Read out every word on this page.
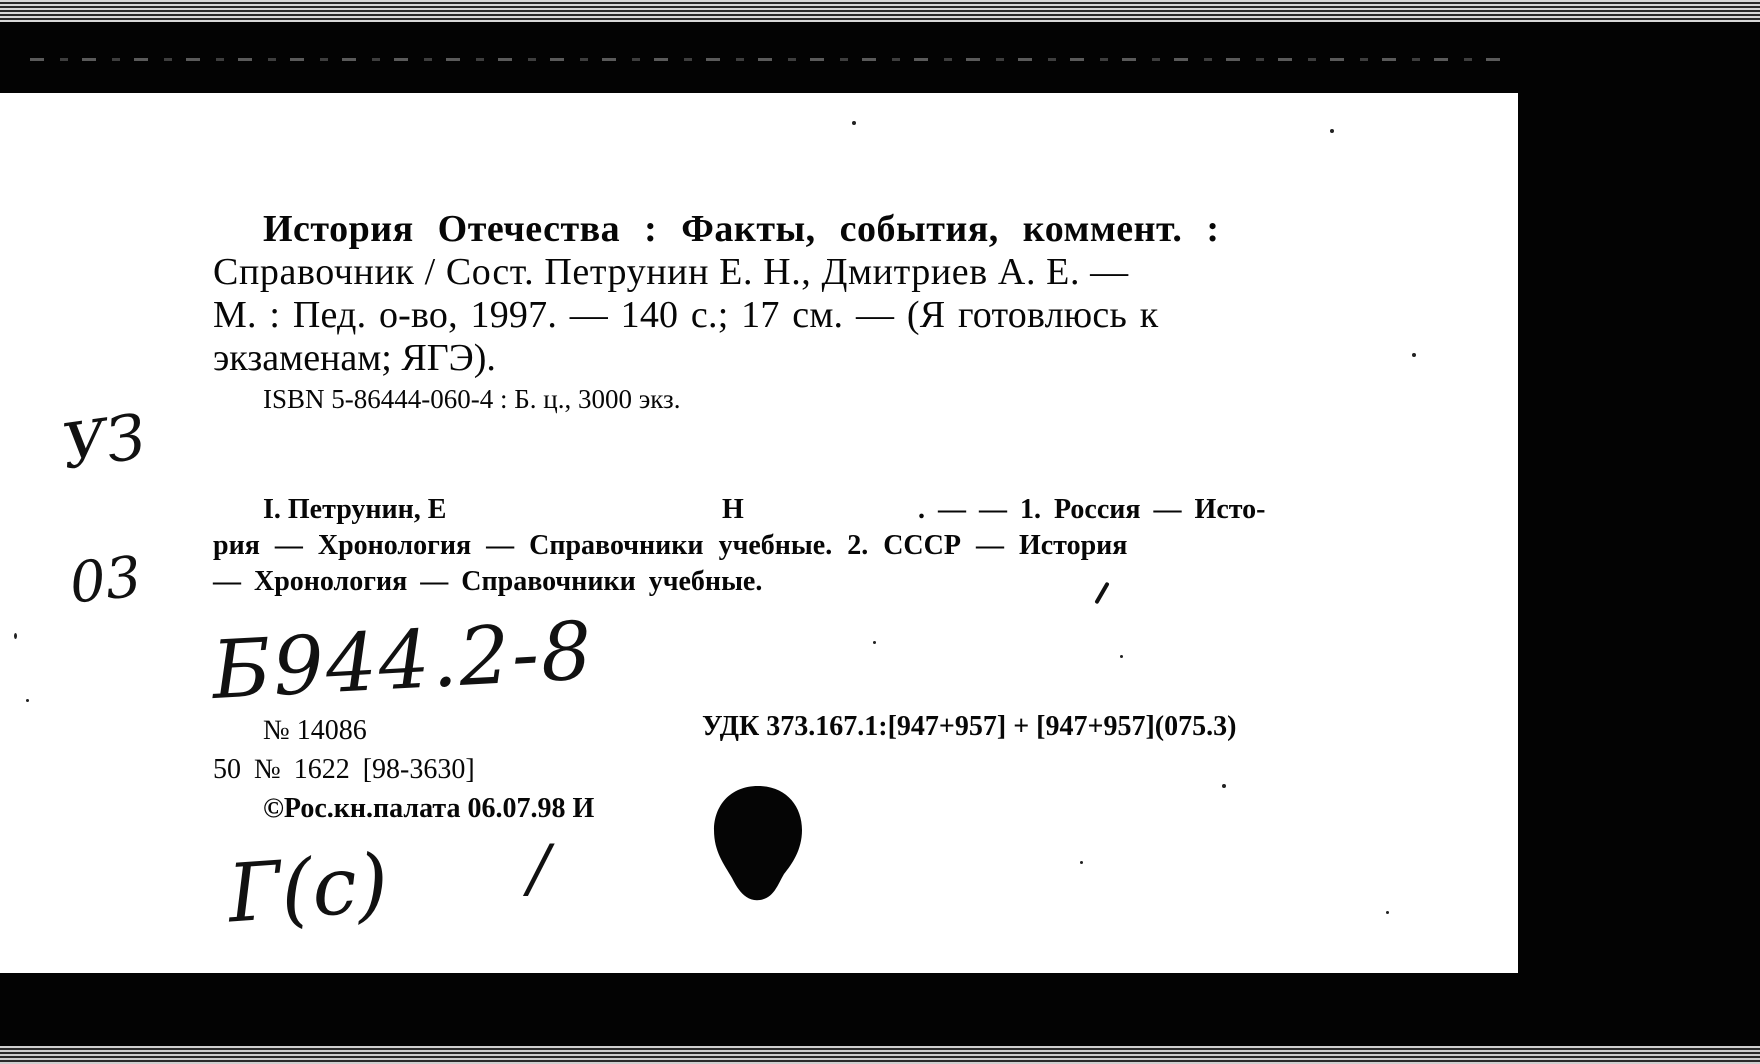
История Отечества : Факты, события, коммент. :
Справочник / Сост. Петрунин Е. Н., Дмитриев А. Е. —
М. : Пед. о-во, 1997. — 140 с.; 17 см. — (Я готовлюсь к
экзаменам; ЯГЭ).
ISBN 5-86444-060-4 : Б. ц., 3000 экз.
I. Петрунин, Е	Н	. — — 1. Россия — Исто-
рия — Хронология — Справочники учебные. 2. СССР — История
— Хронология — Справочники учебные.
№ 14086	УДК 373.167.1:[947+957] + [947+957](075.3)
50 № 1622 [98-3630]
©Рос.кн.палата 06.07.98 И
УЗ
03
Б944.2-8
Г(с) /
